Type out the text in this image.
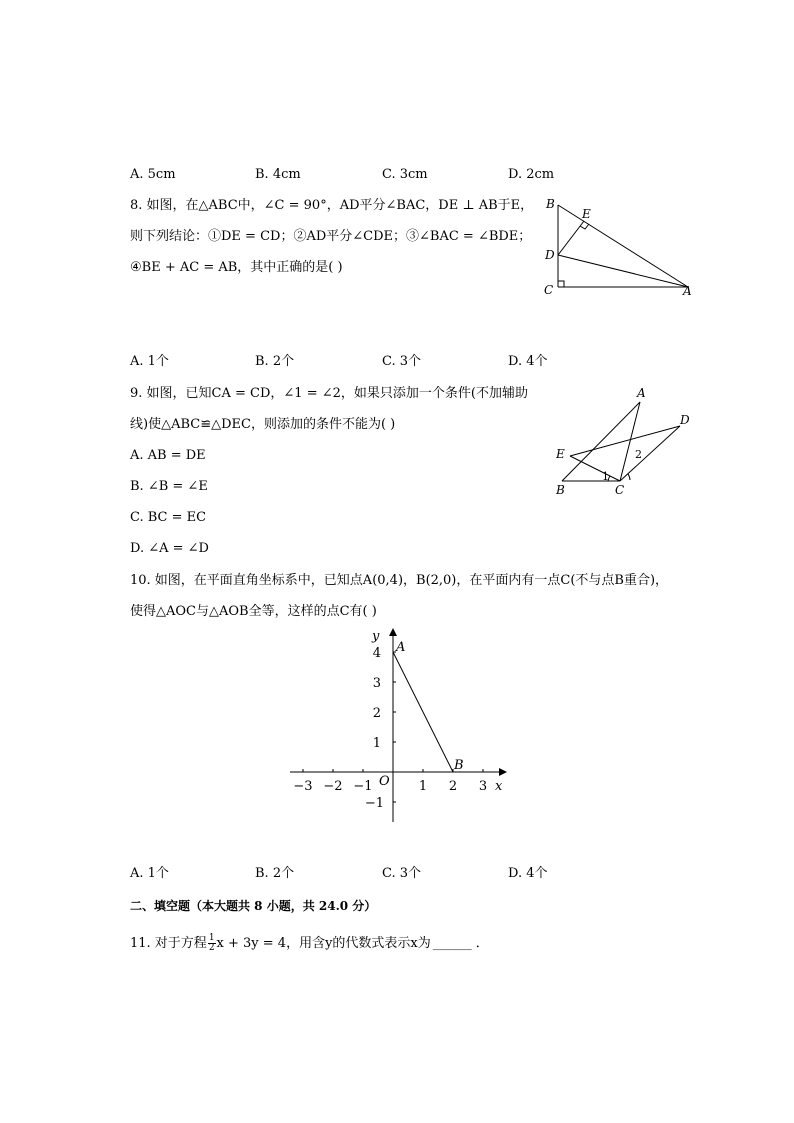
A. 5cm	B. 4cm	C. 3cm	D. 2cm
8. 如图，在△ABC中，∠C = 90°，AD平分∠BAC，DE ⊥ AB于E，
则下列结论：①DE = CD；②AD平分∠CDE；③∠BAC = ∠BDE；
④BE + AC = AB，其中正确的是( )
B
E
D
C	A
A. 1个	B. 2个	C. 3个	D. 4个
9. 如图，已知CA = CD，∠1 = ∠2，如果只添加一个条件(不加辅助
线)使△ABC≌△DEC，则添加的条件不能为( )
A. AB = DE
B. ∠B = ∠E
C. BC = EC
D. ∠A = ∠D
A
D
E
B	C
1
2
10. 如图，在平面直角坐标系中，已知点A(0,4)，B(2,0)，在平面内有一点C(不与点B重合)，
使得△AOC与△AOB全等，这样的点C有( )
y
x
O
A
B
−3 −2 −1	1 2 3
4
3
2
1
−1
A. 1个	B. 2个	C. 3个	D. 4个
二、填空题（本大题共 8 小题，共 24.0 分）
11. 对于方程 $\frac{1}{2}$ x + 3y = 4，用含y的代数式表示x为 ______ ．
